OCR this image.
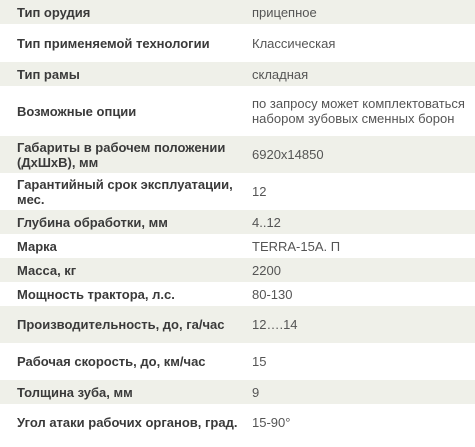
Тип орудия	прицепное
Тип применяемой технологии	Классическая
Тип рамы	складная
Возможные опции	по запросу может комплектоваться набором зубовых сменных борон
Габариты в рабочем положении (ДхШхВ), мм	6920х14850
Гарантийный срок эксплуатации, мес.	12
Глубина обработки, мм	4..12
Марка	TERRA-15A. П
Масса, кг	2200
Мощность трактора, л.с.	80-130
Производительность, до, га/час	12….14
Рабочая скорость, до, км/час	15
Толщина зуба, мм	9
Угол атаки рабочих органов, град.	15-90°
